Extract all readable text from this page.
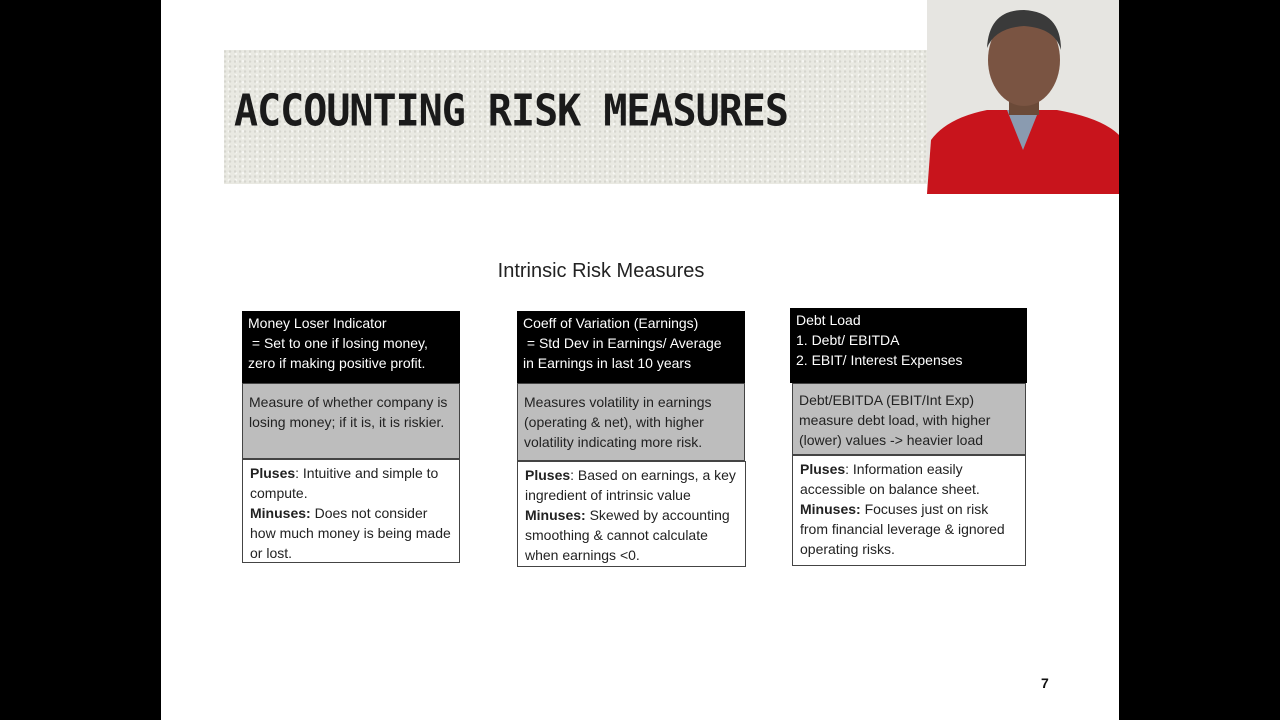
ACCOUNTING RISK MEASURES
Intrinsic Risk Measures
Money Loser Indicator
= Set to one if losing money,
zero if making positive profit.
Measure of whether company is losing money; if it is, it is riskier.
Pluses: Intuitive and simple to compute.
Minuses: Does not consider how much money is being made or lost.
Coeff of Variation (Earnings)
= Std Dev in Earnings/ Average
in Earnings in last 10 years
Measures volatility in earnings (operating & net), with higher volatility indicating more risk.
Pluses: Based on earnings, a key ingredient of intrinsic value
Minuses: Skewed by accounting smoothing & cannot calculate when earnings <0.
Debt Load
1. Debt/ EBITDA
2. EBIT/ Interest Expenses
Debt/EBITDA (EBIT/Int Exp) measure debt load, with higher (lower) values -> heavier load
Pluses: Information easily accessible on balance sheet.
Minuses: Focuses just on risk from financial leverage & ignored operating risks.
7
